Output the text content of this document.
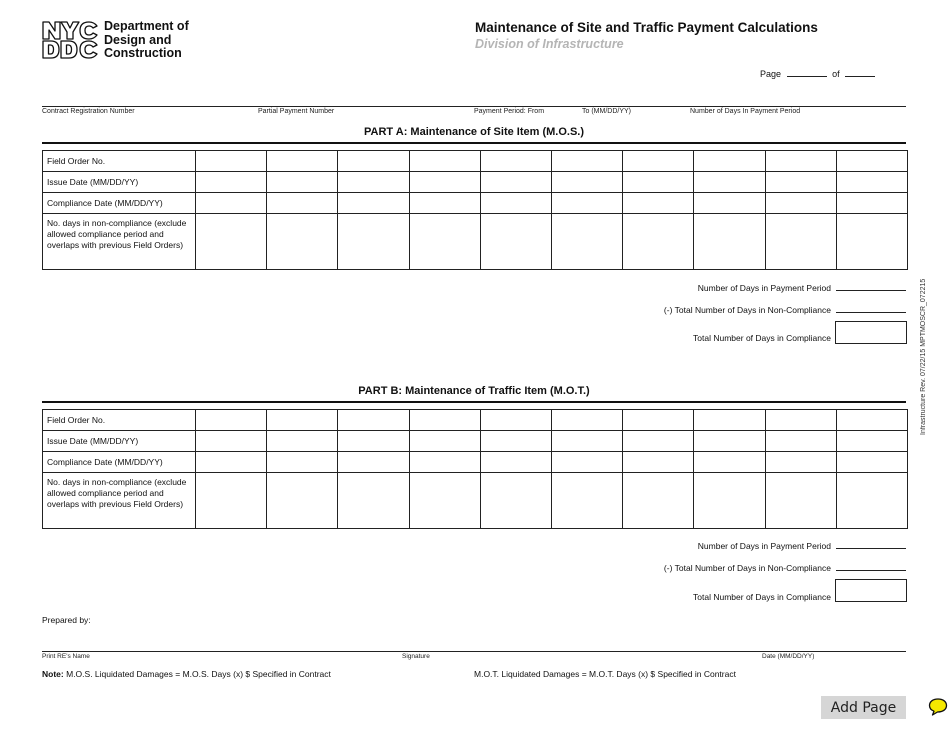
Department of
Design and
Construction
Maintenance of Site and Traffic Payment Calculations
Division of Infrastructure
Page	of
Contract Registration Number	Partial Payment Number	Payment Period: From	To (MM/DD/YY)	Number of Days In Payment Period
PART A: Maintenance of Site Item (M.O.S.)
Field Order No.										
Issue Date (MM/DD/YY)										
Compliance Date (MM/DD/YY)										
No. days in non-compliance (exclude allowed compliance period and overlaps with previous Field Orders)										
Number of Days in Payment Period
(-) Total Number of Days in Non-Compliance
Total Number of Days in Compliance
PART B: Maintenance of Traffic Item (M.O.T.)
Field Order No.										
Issue Date (MM/DD/YY)										
Compliance Date (MM/DD/YY)										
No. days in non-compliance (exclude allowed compliance period and overlaps with previous Field Orders)										
Number of Days in Payment Period
(-) Total Number of Days in Non-Compliance
Total Number of Days in Compliance
Infrastructure Rev. 07/22/15 MPTMOSCR_072215
Prepared by:
Print RE's Name	Signature	Date (MM/DD/YY)
Note: M.O.S. Liquidated Damages = M.O.S. Days (x) $ Specified in Contract	M.O.T. Liquidated Damages = M.O.T. Days (x) $ Specified in Contract
Add Page
